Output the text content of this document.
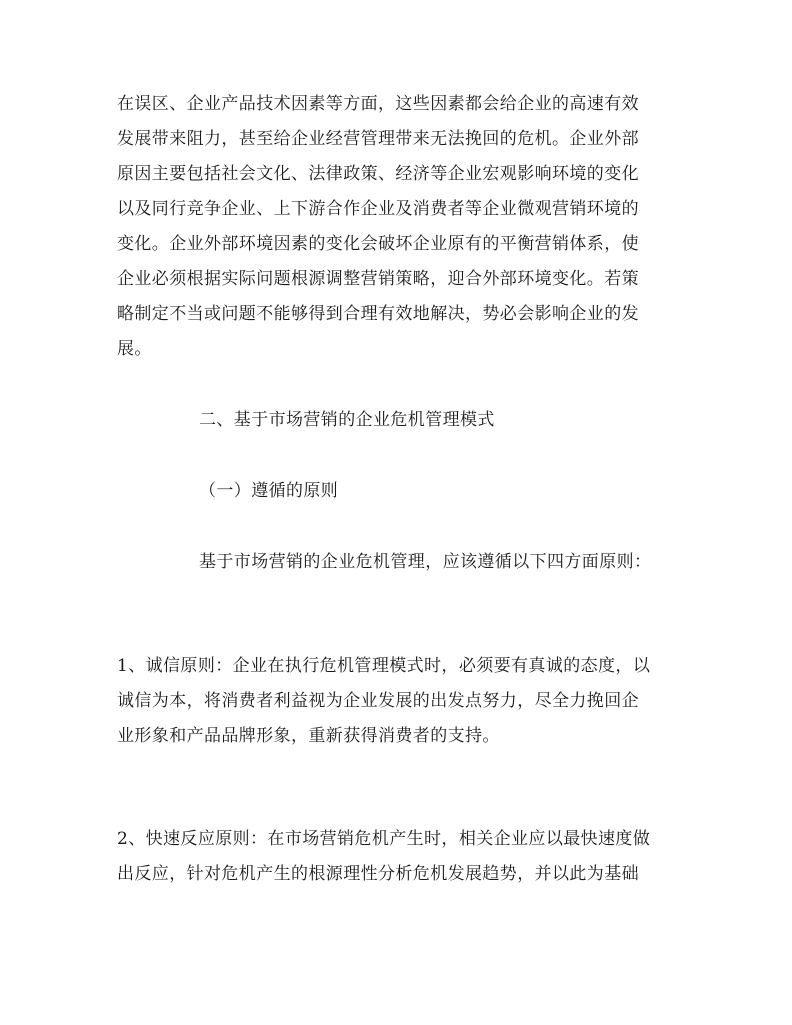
在误区、企业产品技术因素等方面，这些因素都会给企业的高速有效
发展带来阻力，甚至给企业经营管理带来无法挽回的危机。企业外部
原因主要包括社会文化、法律政策、经济等企业宏观影响环境的变化
以及同行竞争企业、上下游合作企业及消费者等企业微观营销环境的
变化。企业外部环境因素的变化会破坏企业原有的平衡营销体系，使
企业必须根据实际问题根源调整营销策略，迎合外部环境变化。若策
略制定不当或问题不能够得到合理有效地解决，势必会影响企业的发
展。
二、基于市场营销的企业危机管理模式
（一）遵循的原则
基于市场营销的企业危机管理，应该遵循以下四方面原则：
1、诚信原则：企业在执行危机管理模式时，必须要有真诚的态度，以
诚信为本，将消费者利益视为企业发展的出发点努力，尽全力挽回企
业形象和产品品牌形象，重新获得消费者的支持。
2、快速反应原则：在市场营销危机产生时，相关企业应以最快速度做
出反应，针对危机产生的根源理性分析危机发展趋势，并以此为基础
